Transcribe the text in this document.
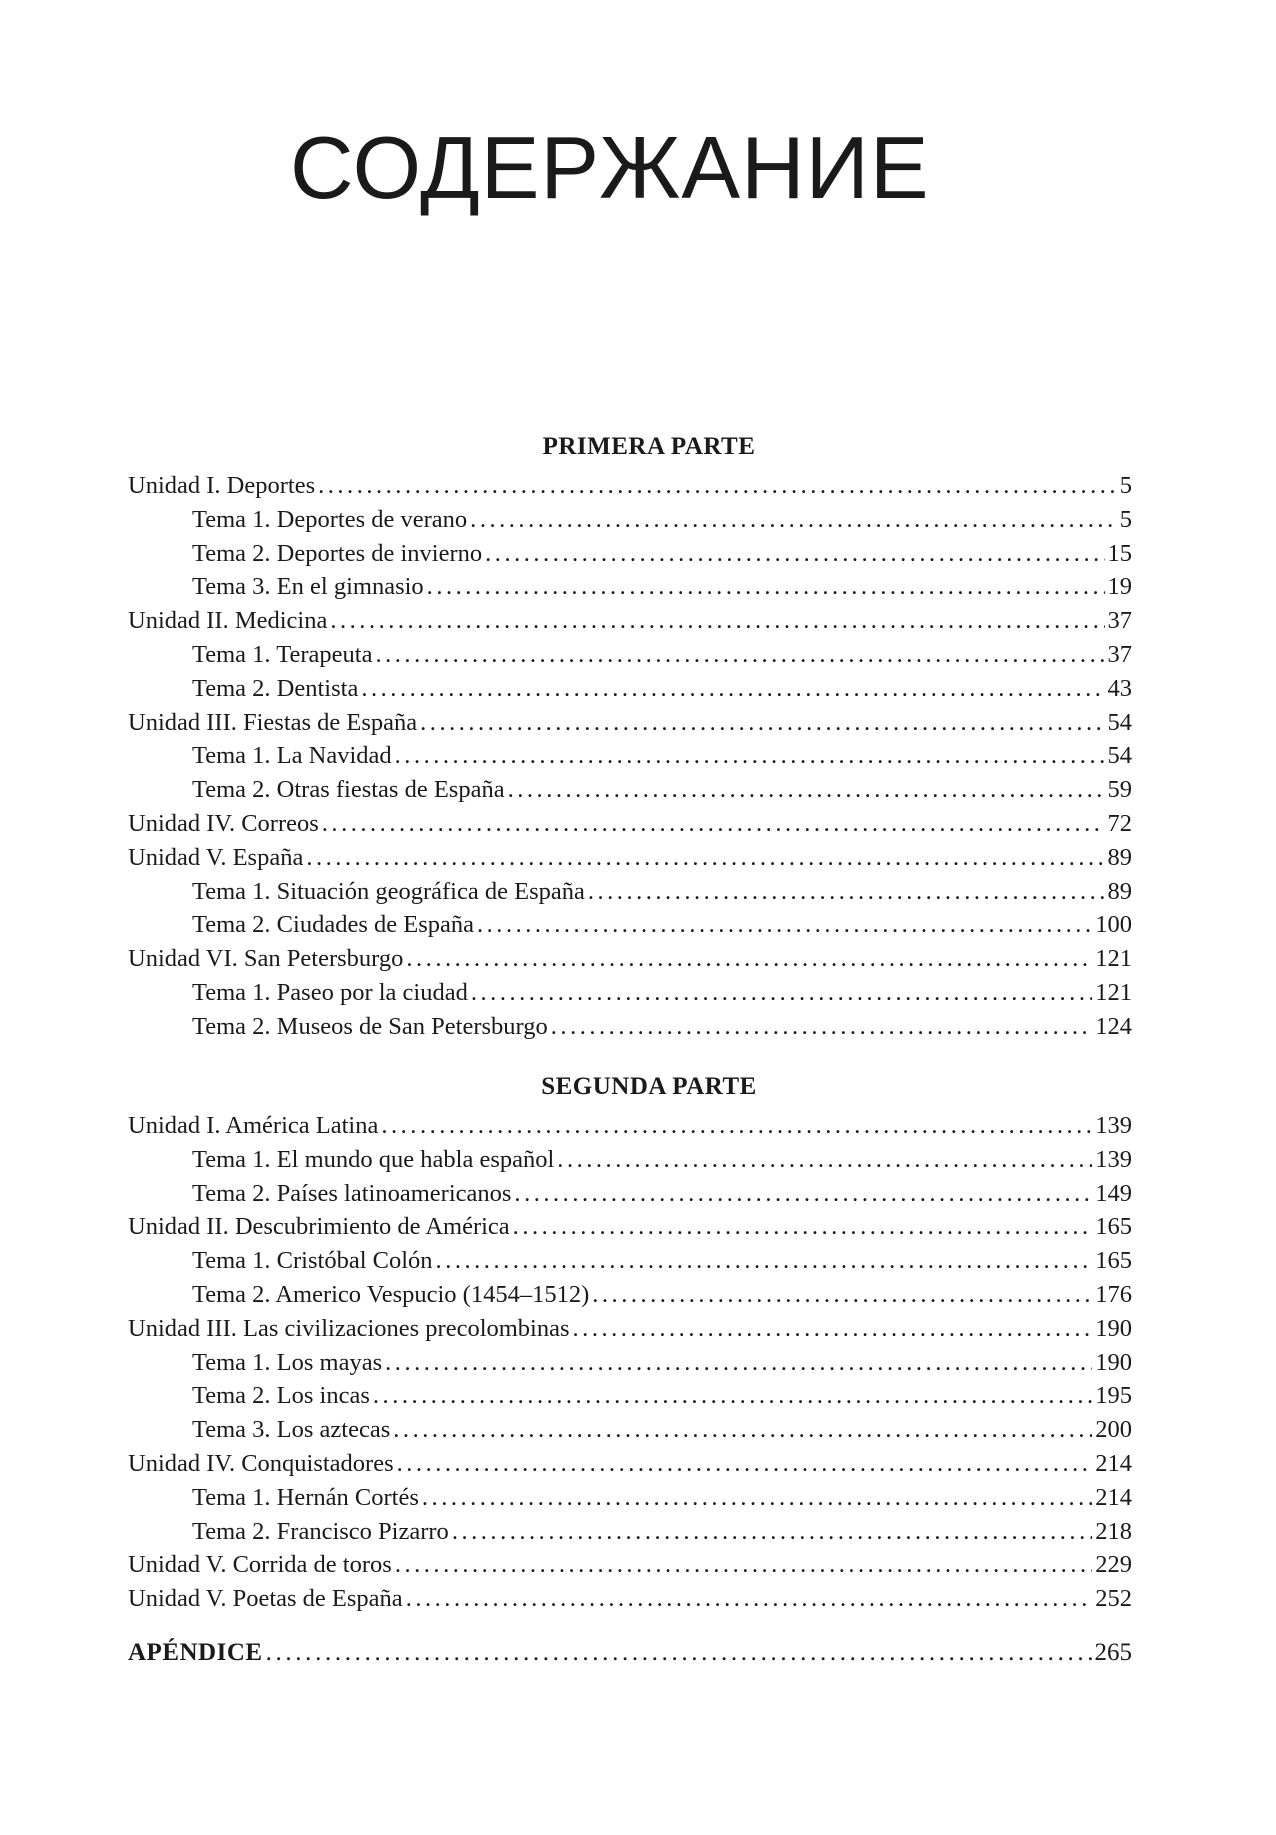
СОДЕРЖАНИЕ
PRIMERA PARTE
Unidad I. Deportes . . .	5
Tema 1. Deportes de verano . . .	5
Tema 2. Deportes de invierno . . .	15
Tema 3. En el gimnasio . . .	19
Unidad II. Medicina . . .	37
Tema 1. Terapeuta . . .	37
Tema 2. Dentista . . .	43
Unidad III. Fiestas de España . . .	54
Tema 1. La Navidad . . .	54
Tema 2. Otras fiestas de España . . .	59
Unidad IV. Correos . . .	72
Unidad V. España . . .	89
Tema 1. Situación geográfica de España . . .	89
Tema 2. Ciudades de España . . .	100
Unidad VI. San Petersburgo . . .	121
Tema 1. Paseo por la ciudad . . .	121
Tema 2. Museos de San Petersburgo . . .	124
SEGUNDA PARTE
Unidad I. América Latina . . .	139
Tema 1. El mundo que habla español . . .	139
Tema 2. Países latinoamericanos . . .	149
Unidad II. Descubrimiento de América . . .	165
Tema 1. Cristóbal Colón . . .	165
Tema 2. Americo Vespucio (1454–1512) . . .	176
Unidad III. Las civilizaciones precolombinas . . .	190
Tema 1. Los mayas . . .	190
Tema 2. Los incas . . .	195
Tema 3. Los aztecas . . .	200
Unidad IV. Conquistadores . . .	214
Tema 1. Hernán Cortés . . .	214
Tema 2. Francisco Pizarro . . .	218
Unidad V. Corrida de toros . . .	229
Unidad V. Poetas de España . . .	252
APÉNDICE . . .	265
